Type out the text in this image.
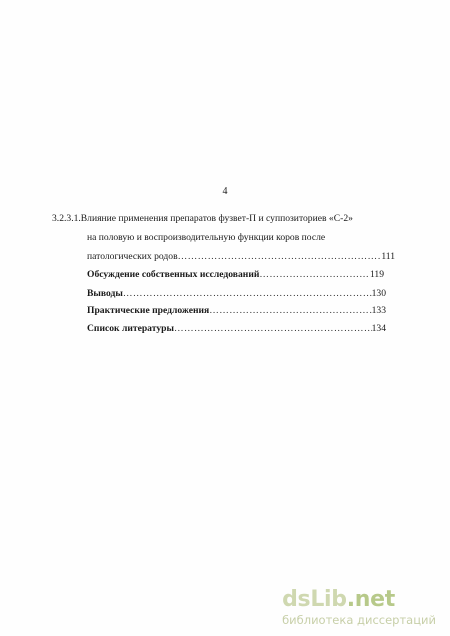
4
3.2.3.1.Влияние применения препаратов фузвет-П и суппозиториев «С-2»
на половую и воспроизводительную функции коров после
патологических родов ……………………………………………………………………………………………………………………………………	111
Обсуждение собственных исследований ……………………………………………………………………………………………………………………………………	119
Выводы ……………………………………………………………………………………………………………………………………	130
Практические предложения ……………………………………………………………………………………………………………………………………	133
Список литературы ……………………………………………………………………………………………………………………………………	134
dsLib.net
библиотека диссертаций
